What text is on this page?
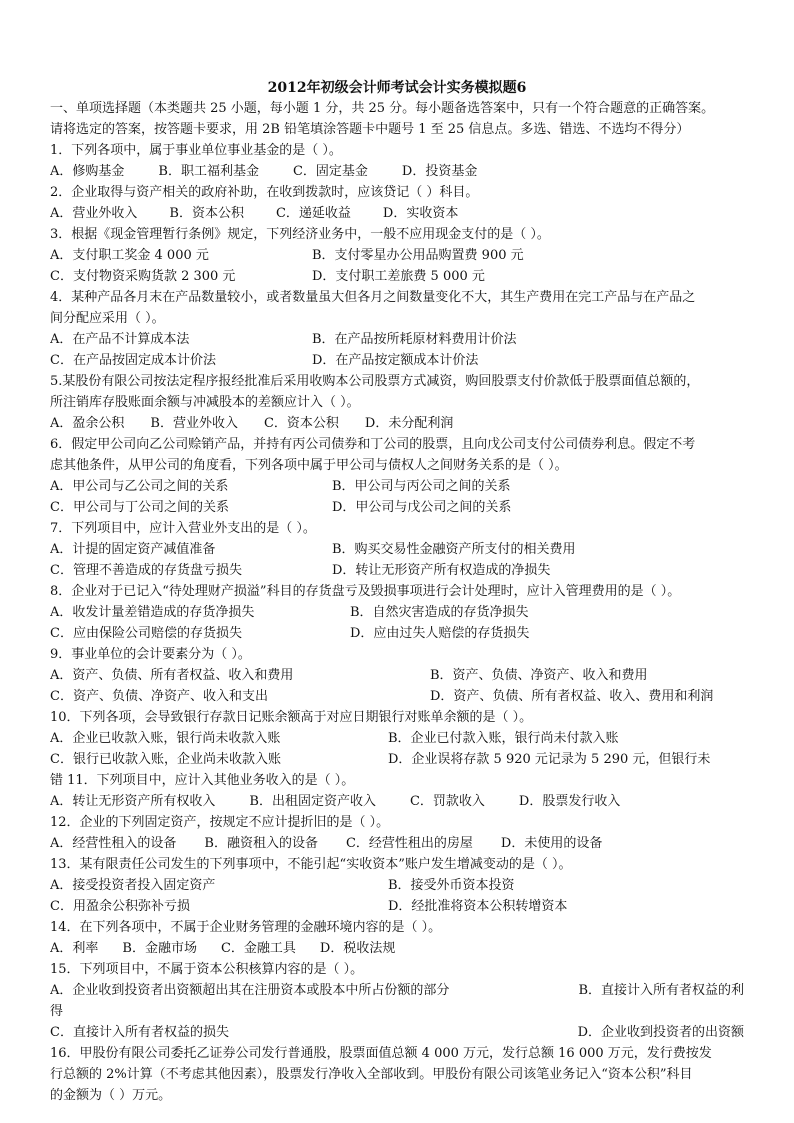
2012年初级会计师考试会计实务模拟题6
一、单项选择题（本类题共 25 小题，每小题 1 分，共 25 分。每小题备选答案中，只有一个符合题意的正确答案。
请将选定的答案，按答题卡要求，用 2B 铅笔填涂答题卡中题号 1 至 25 信息点。多选、错选、不选均不得分）
1．下列各项中，属于事业单位事业基金的是（ ）。
A．修购基金	B．职工福利基金	C．固定基金	D．投资基金
2．企业取得与资产相关的政府补助，在收到拨款时，应该贷记（ ）科目。
A．营业外收入 B．资本公积 C．递延收益 D．实收资本
3．根据《现金管理暂行条例》规定，下列经济业务中，一般不应用现金支付的是（ ）。
A．支付职工奖金 4 000 元	B．支付零星办公用品购置费 900 元
C．支付物资采购货款 2 300 元	D．支付职工差旅费 5 000 元
4．某种产品各月末在产品数量较小，或者数量虽大但各月之间数量变化不大，其生产费用在完工产品与在产品之
间分配应采用（ ）。
A．在产品不计算成本法	B．在产品按所耗原材料费用计价法
C．在产品按固定成本计价法	D．在产品按定额成本计价法
5.某股份有限公司按法定程序报经批准后采用收购本公司股票方式减资，购回股票支付价款低于股票面值总额的，
所注销库存股账面余额与冲减股本的差额应计入（ ）。
A．盈余公积 B．营业外收入 C．资本公积 D．未分配利润
6．假定甲公司向乙公司赊销产品，并持有丙公司债券和丁公司的股票，且向戊公司支付公司债券利息。假定不考
虑其他条件，从甲公司的角度看，下列各项中属于甲公司与债权人之间财务关系的是（ ）。
A．甲公司与乙公司之间的关系	B．甲公司与丙公司之间的关系
C．甲公司与丁公司之间的关系	D．甲公司与戊公司之间的关系
7．下列项目中，应计入营业外支出的是（ ）。
A．计提的固定资产减值准备	B．购买交易性金融资产所支付的相关费用
C．管理不善造成的存货盘亏损失	D．转让无形资产所有权造成的净损失
8．企业对于已记入“待处理财产损溢”科目的存货盘亏及毁损事项进行会计处理时，应计入管理费用的是（ ）。
A．收发计量差错造成的存货净损失	B．自然灾害造成的存货净损失
C．应由保险公司赔偿的存货损失	D．应由过失人赔偿的存货损失
9．事业单位的会计要素分为（ ）。
A．资产、负债、所有者权益、收入和费用	B．资产、负债、净资产、收入和费用
C．资产、负债、净资产、收入和支出	D．资产、负债、所有者权益、收入、费用和利润
10．下列各项，会导致银行存款日记账余额高于对应日期银行对账单余额的是（ ）。
A．企业已收款入账，银行尚未收款入账	B．企业已付款入账，银行尚未付款入账
C．银行已收款入账，企业尚未收款入账	D．企业误将存款 5 920 元记录为 5 290 元，但银行未
错 11．下列项目中，应计入其他业务收入的是（ ）。
A．转让无形资产所有权收入	B．出租固定资产收入	C．罚款收入	D．股票发行收入
12．企业的下列固定资产，按规定不应计提折旧的是（ ）。
A．经营性租入的设备 B．融资租入的设备 C．经营性租出的房屋 D．未使用的设备
13．某有限责任公司发生的下列事项中，不能引起“实收资本”账户发生增减变动的是（ ）。
A．接受投资者投入固定资产	B．接受外币资本投资
C．用盈余公积弥补亏损	D．经批准将资本公积转增资本
14．在下列各项中，不属于企业财务管理的金融环境内容的是（ ）。
A．利率 B．金融市场 C．金融工具 D．税收法规
15．下列项目中，不属于资本公积核算内容的是（ ）。
A．企业收到投资者出资额超出其在注册资本或股本中所占份额的部分	B．直接计入所有者权益的利
得
C．直接计入所有者权益的损失	D．企业收到投资者的出资额
16．甲股份有限公司委托乙证券公司发行普通股，股票面值总额 4 000 万元，发行总额 16 000 万元，发行费按发
行总额的 2%计算（不考虑其他因素），股票发行净收入全部收到。甲股份有限公司该笔业务记入“资本公积”科目
的金额为（ ）万元。
